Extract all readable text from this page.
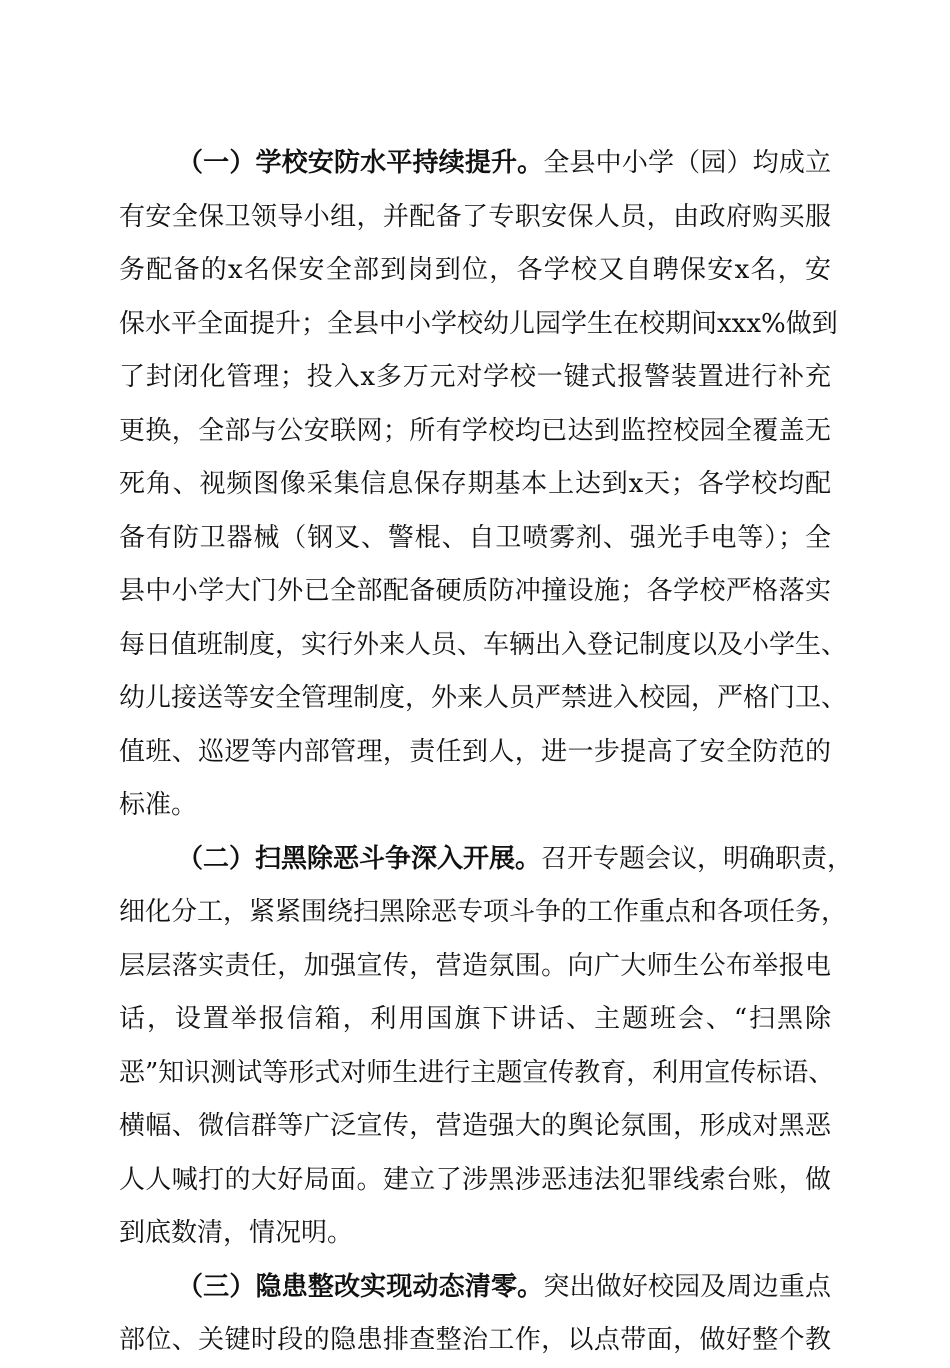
（一）学校安防水平持续提升。全县中小学（园）均成立
有安全保卫领导小组，并配备了专职安保人员，由政府购买服
务配备的x名保安全部到岗到位，各学校又自聘保安x名，安
保水平全面提升；全县中小学校幼儿园学生在校期间xxx%做到
了封闭化管理；投入x多万元对学校一键式报警装置进行补充
更换，全部与公安联网；所有学校均已达到监控校园全覆盖无
死角、视频图像采集信息保存期基本上达到x天；各学校均配
备有防卫器械（钢叉、警棍、自卫喷雾剂、强光手电等）；全
县中小学大门外已全部配备硬质防冲撞设施；各学校严格落实
每日值班制度，实行外来人员、车辆出入登记制度以及小学生、
幼儿接送等安全管理制度，外来人员严禁进入校园，严格门卫、
值班、巡逻等内部管理，责任到人，进一步提高了安全防范的
标准。
（二）扫黑除恶斗争深入开展。召开专题会议，明确职责，
细化分工，紧紧围绕扫黑除恶专项斗争的工作重点和各项任务，
层层落实责任，加强宣传，营造氛围。向广大师生公布举报电
话，设置举报信箱，利用国旗下讲话、主题班会、“扫黑除
恶”知识测试等形式对师生进行主题宣传教育，利用宣传标语、
横幅、微信群等广泛宣传，营造强大的舆论氛围，形成对黑恶
人人喊打的大好局面。建立了涉黑涉恶违法犯罪线索台账，做
到底数清，情况明。
（三）隐患整改实现动态清零。突出做好校园及周边重点
部位、关键时段的隐患排查整治工作，以点带面，做好整个教
